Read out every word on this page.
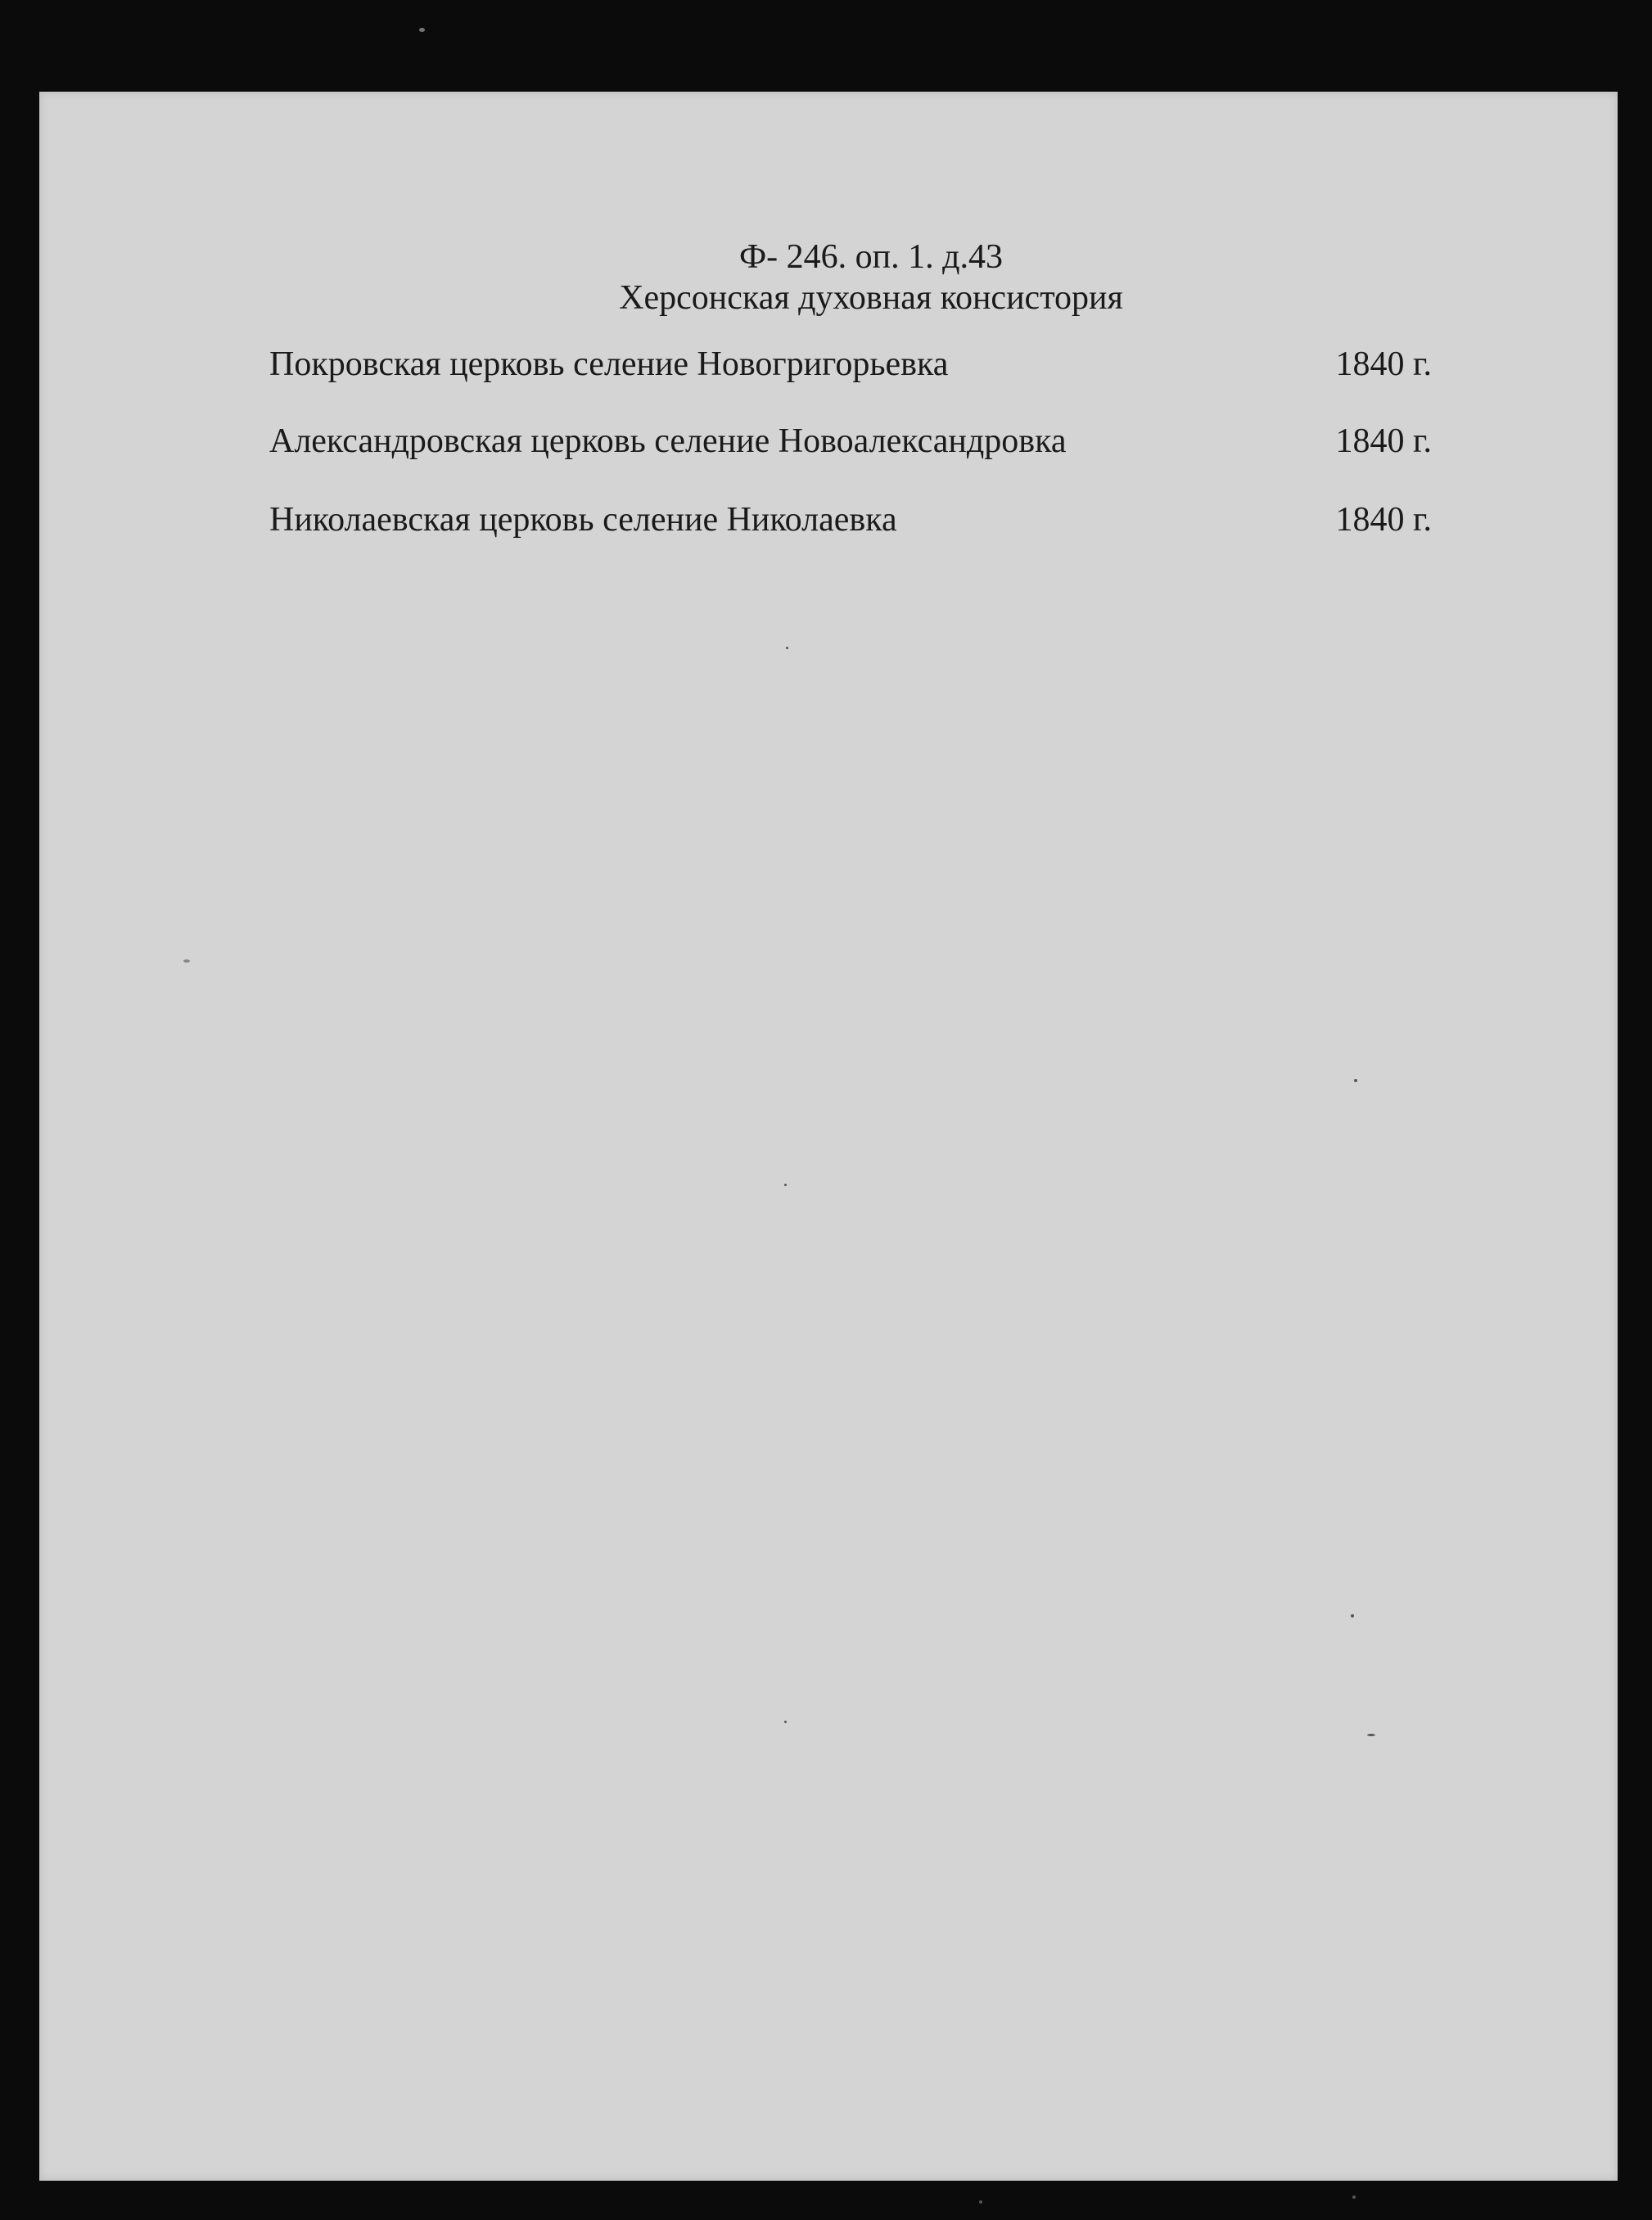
Ф- 246. оп. 1. д.43
Херсонская духовная консистория
Покровская церковь селение Новогригорьевка	1840 г.
Александровская церковь селение Новоалександровка	1840 г.
Николаевская церковь селение Николаевка	1840 г.
